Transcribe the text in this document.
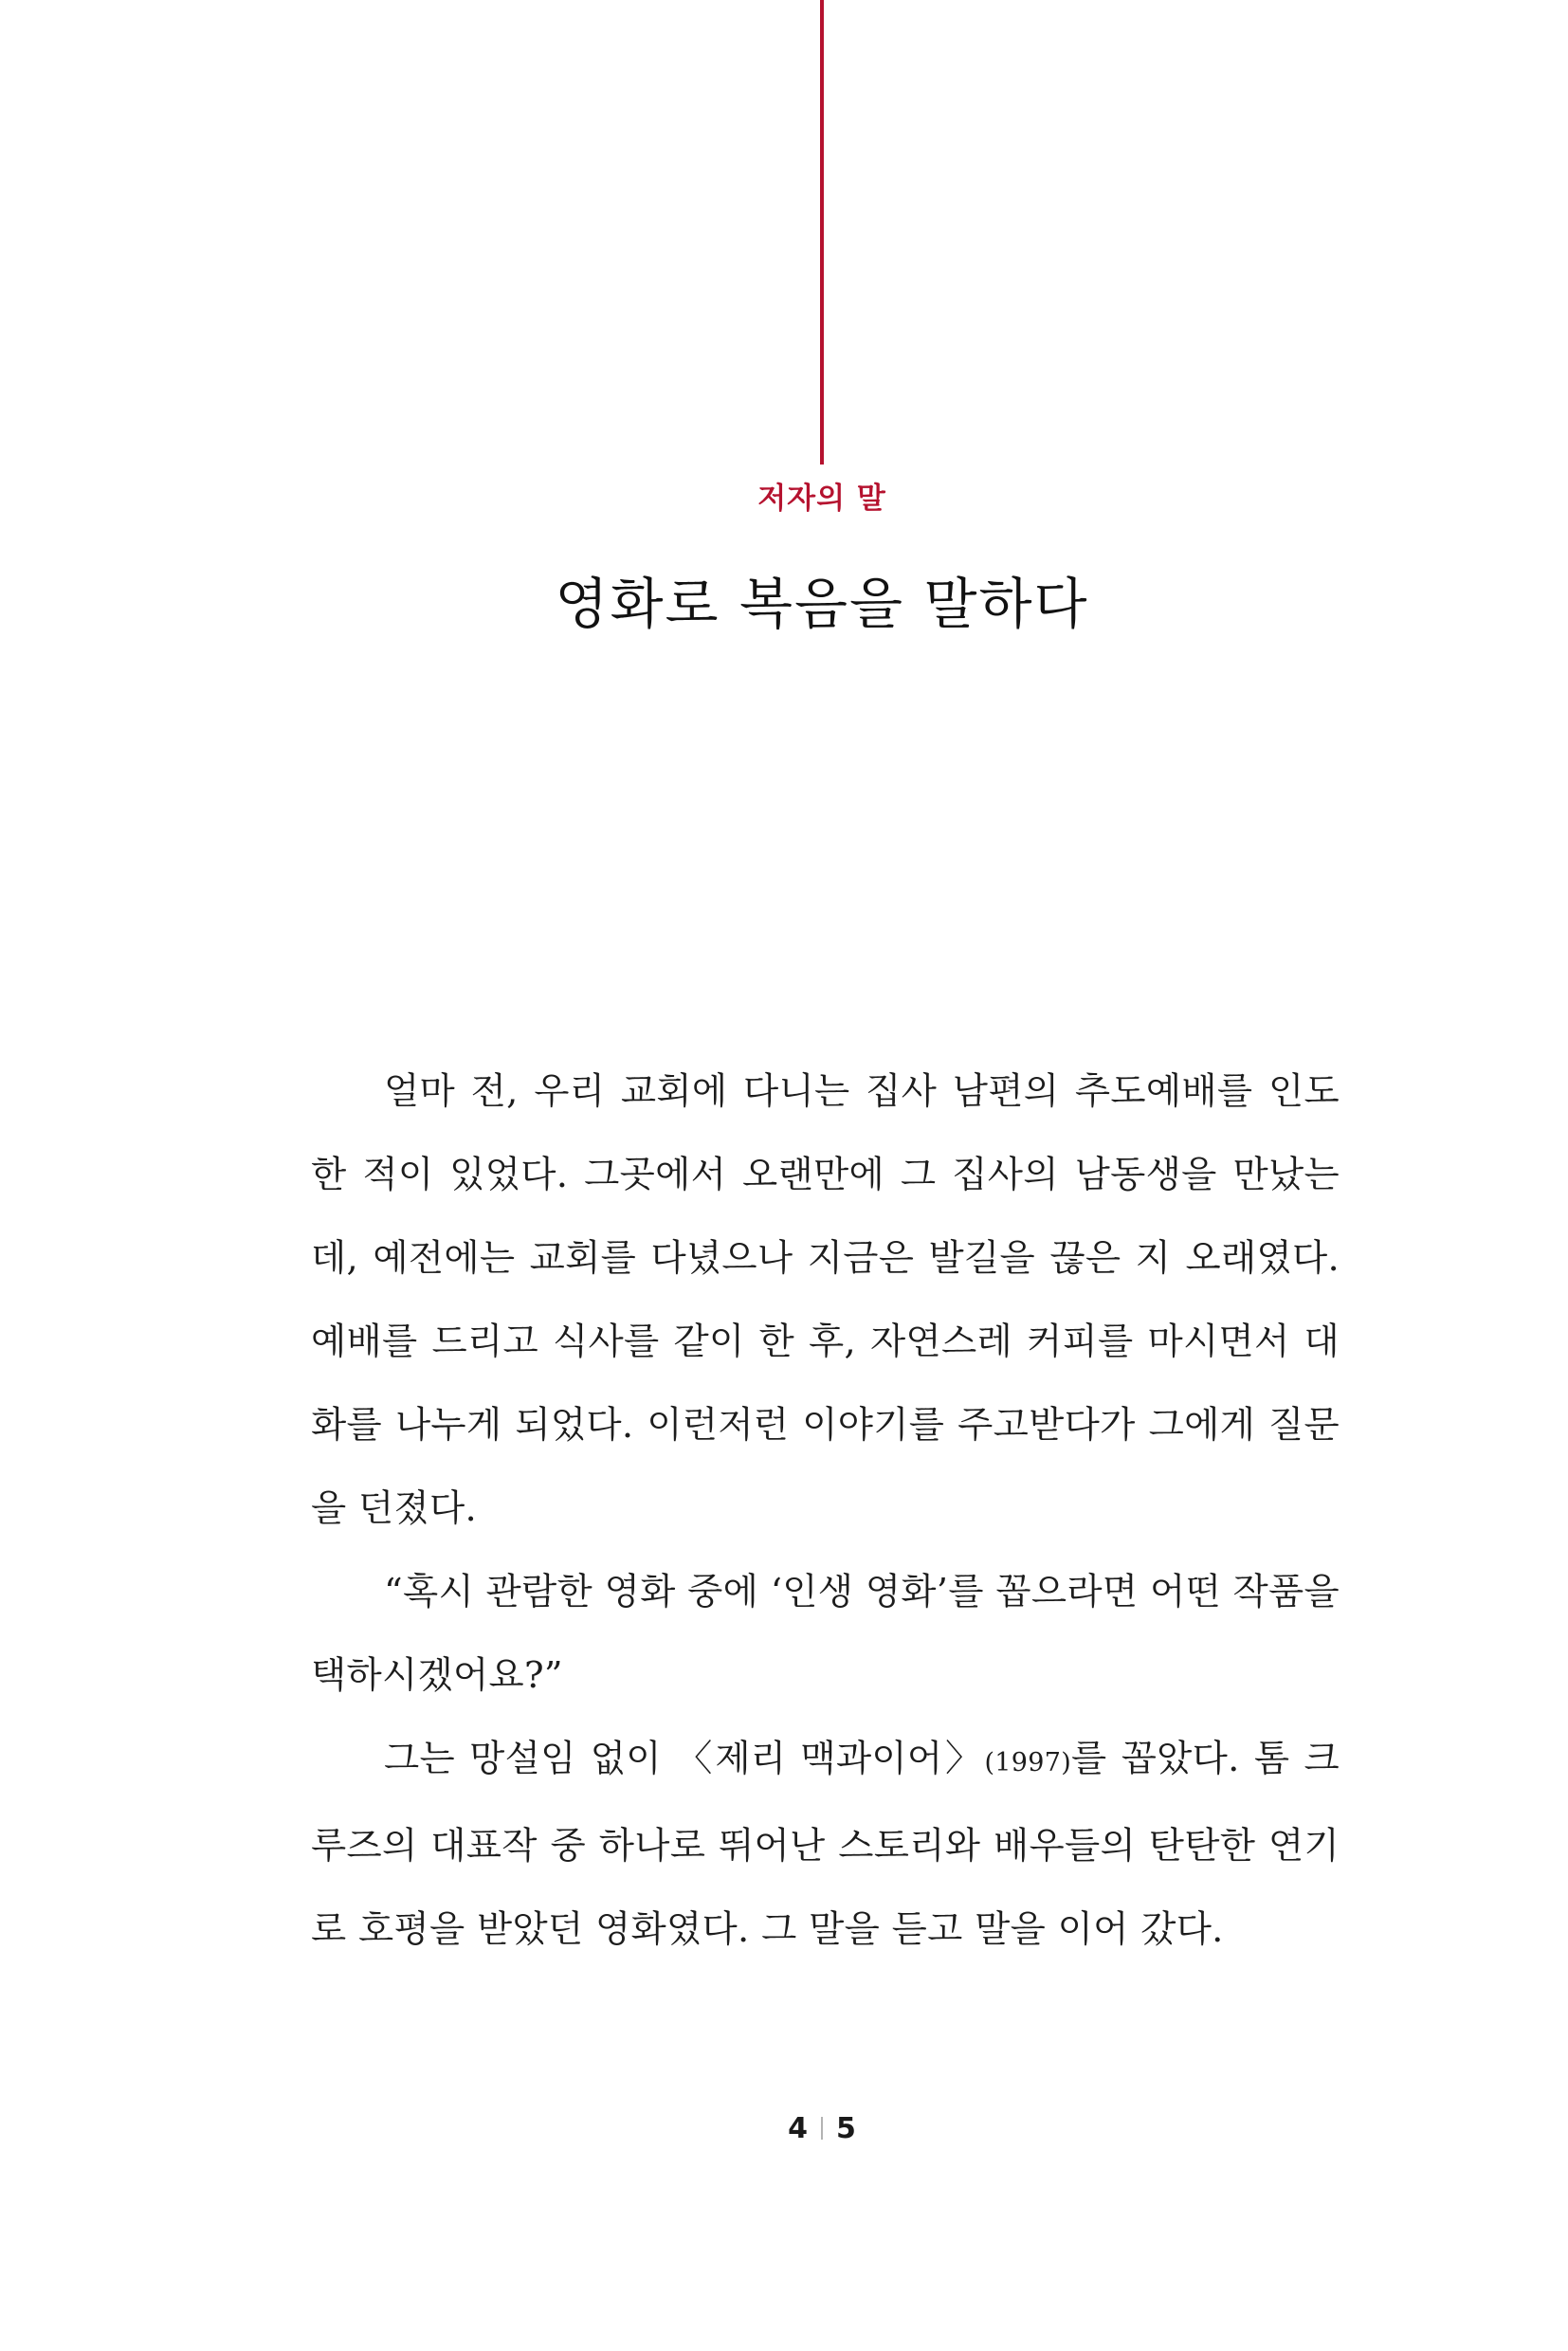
저자의 말
영화로 복음을 말하다

얼마 전, 우리 교회에 다니는 집사 남편의 추도예배를 인도한 적이 있었다. 그곳에서 오랜만에 그 집사의 남동생을 만났는데, 예전에는 교회를 다녔으나 지금은 발길을 끊은 지 오래였다. 예배를 드리고 식사를 같이 한 후, 자연스레 커피를 마시면서 대화를 나누게 되었다. 이런저런 이야기를 주고받다가 그에게 질문을 던졌다.

“혹시 관람한 영화 중에 ‘인생 영화’를 꼽으라면 어떤 작품을 택하시겠어요?”

그는 망설임 없이 〈제리 맥과이어〉(1997)를 꼽았다. 톰 크루즈의 대표작 중 하나로 뛰어난 스토리와 배우들의 탄탄한 연기로 호평을 받았던 영화였다. 그 말을 듣고 말을 이어 갔다.

4 5
